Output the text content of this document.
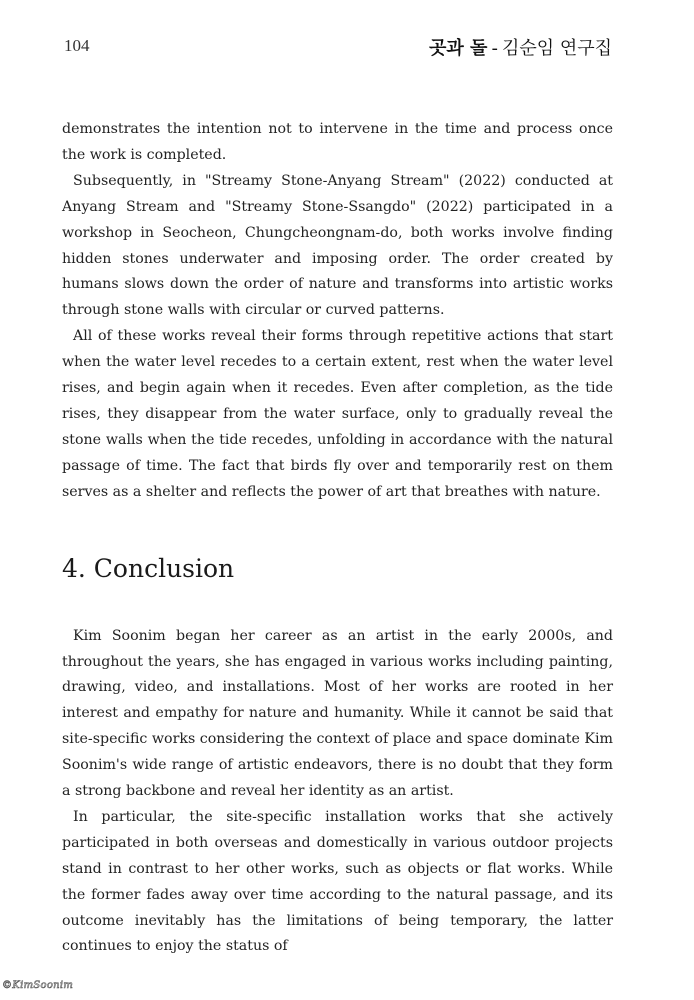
104	곳과 돌 - 김순임 연구집

demonstrates the intention not to intervene in the time and process once the work is completed.

Subsequently, in "Streamy Stone-Anyang Stream" (2022) conducted at Anyang Stream and "Streamy Stone-Ssangdo" (2022) participated in a workshop in Seocheon, Chungcheongnam-do, both works involve finding hidden stones underwater and imposing order. The order created by humans slows down the order of nature and transforms into artistic works through stone walls with circular or curved patterns.

All of these works reveal their forms through repetitive actions that start when the water level recedes to a certain extent, rest when the water level rises, and begin again when it recedes. Even after completion, as the tide rises, they disappear from the water surface, only to gradually reveal the stone walls when the tide recedes, unfolding in accordance with the natural passage of time. The fact that birds fly over and temporarily rest on them serves as a shelter and reflects the power of art that breathes with nature.

4. Conclusion

Kim Soonim began her career as an artist in the early 2000s, and throughout the years, she has engaged in various works including painting, drawing, video, and installations. Most of her works are rooted in her interest and empathy for nature and humanity. While it cannot be said that site-specific works considering the context of place and space dominate Kim Soonim's wide range of artistic endeavors, there is no doubt that they form a strong backbone and reveal her identity as an artist.

In particular, the site-specific installation works that she actively participated in both overseas and domestically in various outdoor projects stand in contrast to her other works, such as objects or flat works. While the former fades away over time according to the natural passage, and its outcome inevitably has the limitations of being temporary, the latter continues to enjoy the status of

©KimSoonim
